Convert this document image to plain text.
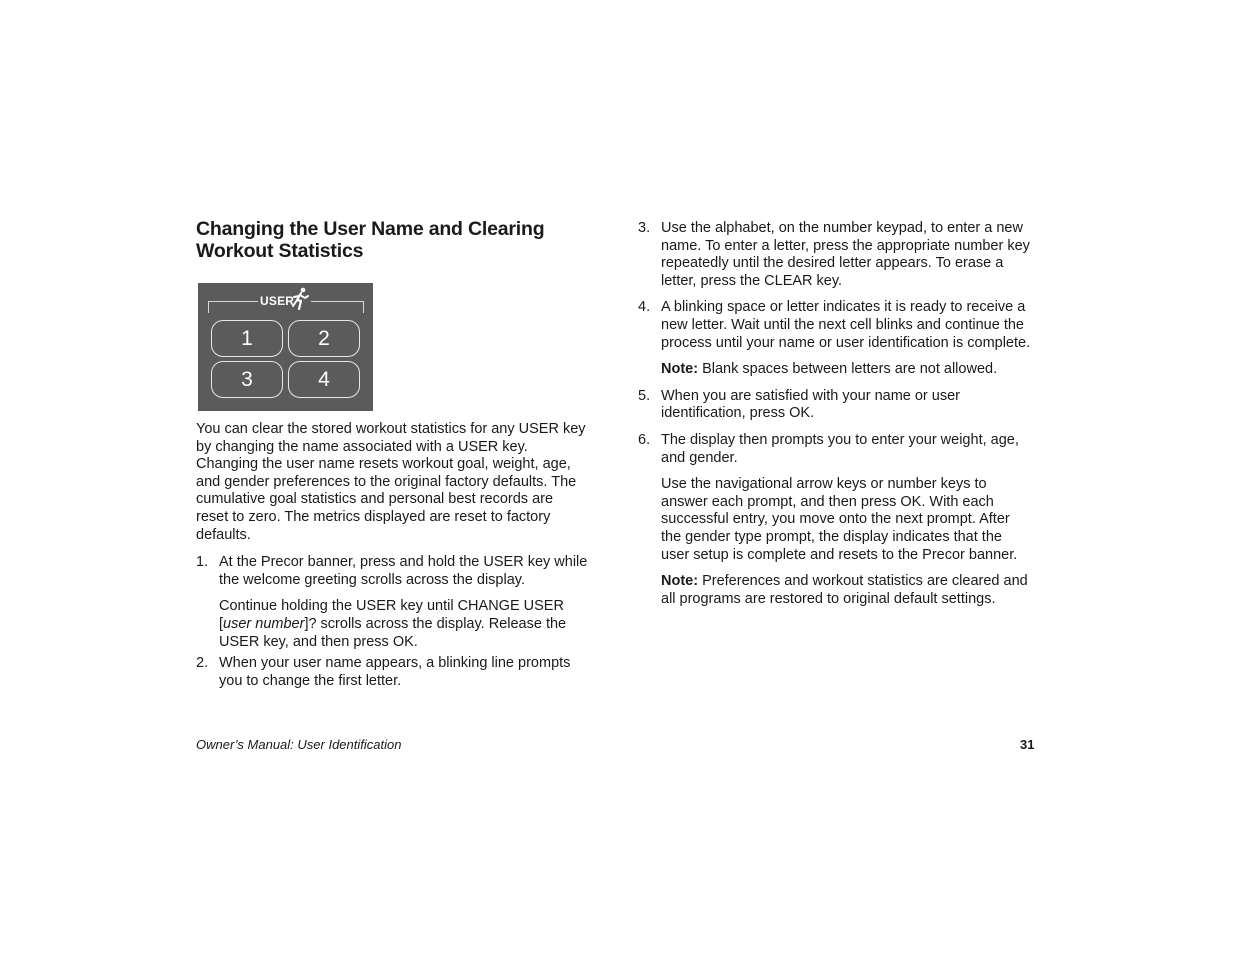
Changing the User Name and Clearing
Workout Statistics
USER
1	2
3	4

You can clear the stored workout statistics for any USER key
by changing the name associated with a USER key.
Changing the user name resets workout goal, weight, age,
and gender preferences to the original factory defaults. The
cumulative goal statistics and personal best records are
reset to zero. The metrics displayed are reset to factory
defaults.

1. At the Precor banner, press and hold the USER key while
the welcome greeting scrolls across the display.

Continue holding the USER key until CHANGE USER
[user number]? scrolls across the display. Release the
USER key, and then press OK.

2. When your user name appears, a blinking line prompts
you to change the first letter.

3. Use the alphabet, on the number keypad, to enter a new
name. To enter a letter, press the appropriate number key
repeatedly until the desired letter appears. To erase a
letter, press the CLEAR key.

4. A blinking space or letter indicates it is ready to receive a
new letter. Wait until the next cell blinks and continue the
process until your name or user identification is complete.

Note: Blank spaces between letters are not allowed.

5. When you are satisfied with your name or user
identification, press OK.

6. The display then prompts you to enter your weight, age,
and gender.

Use the navigational arrow keys or number keys to
answer each prompt, and then press OK. With each
successful entry, you move onto the next prompt. After
the gender type prompt, the display indicates that the
user setup is complete and resets to the Precor banner.

Note: Preferences and workout statistics are cleared and
all programs are restored to original default settings.

Owner’s Manual: User Identification	31
